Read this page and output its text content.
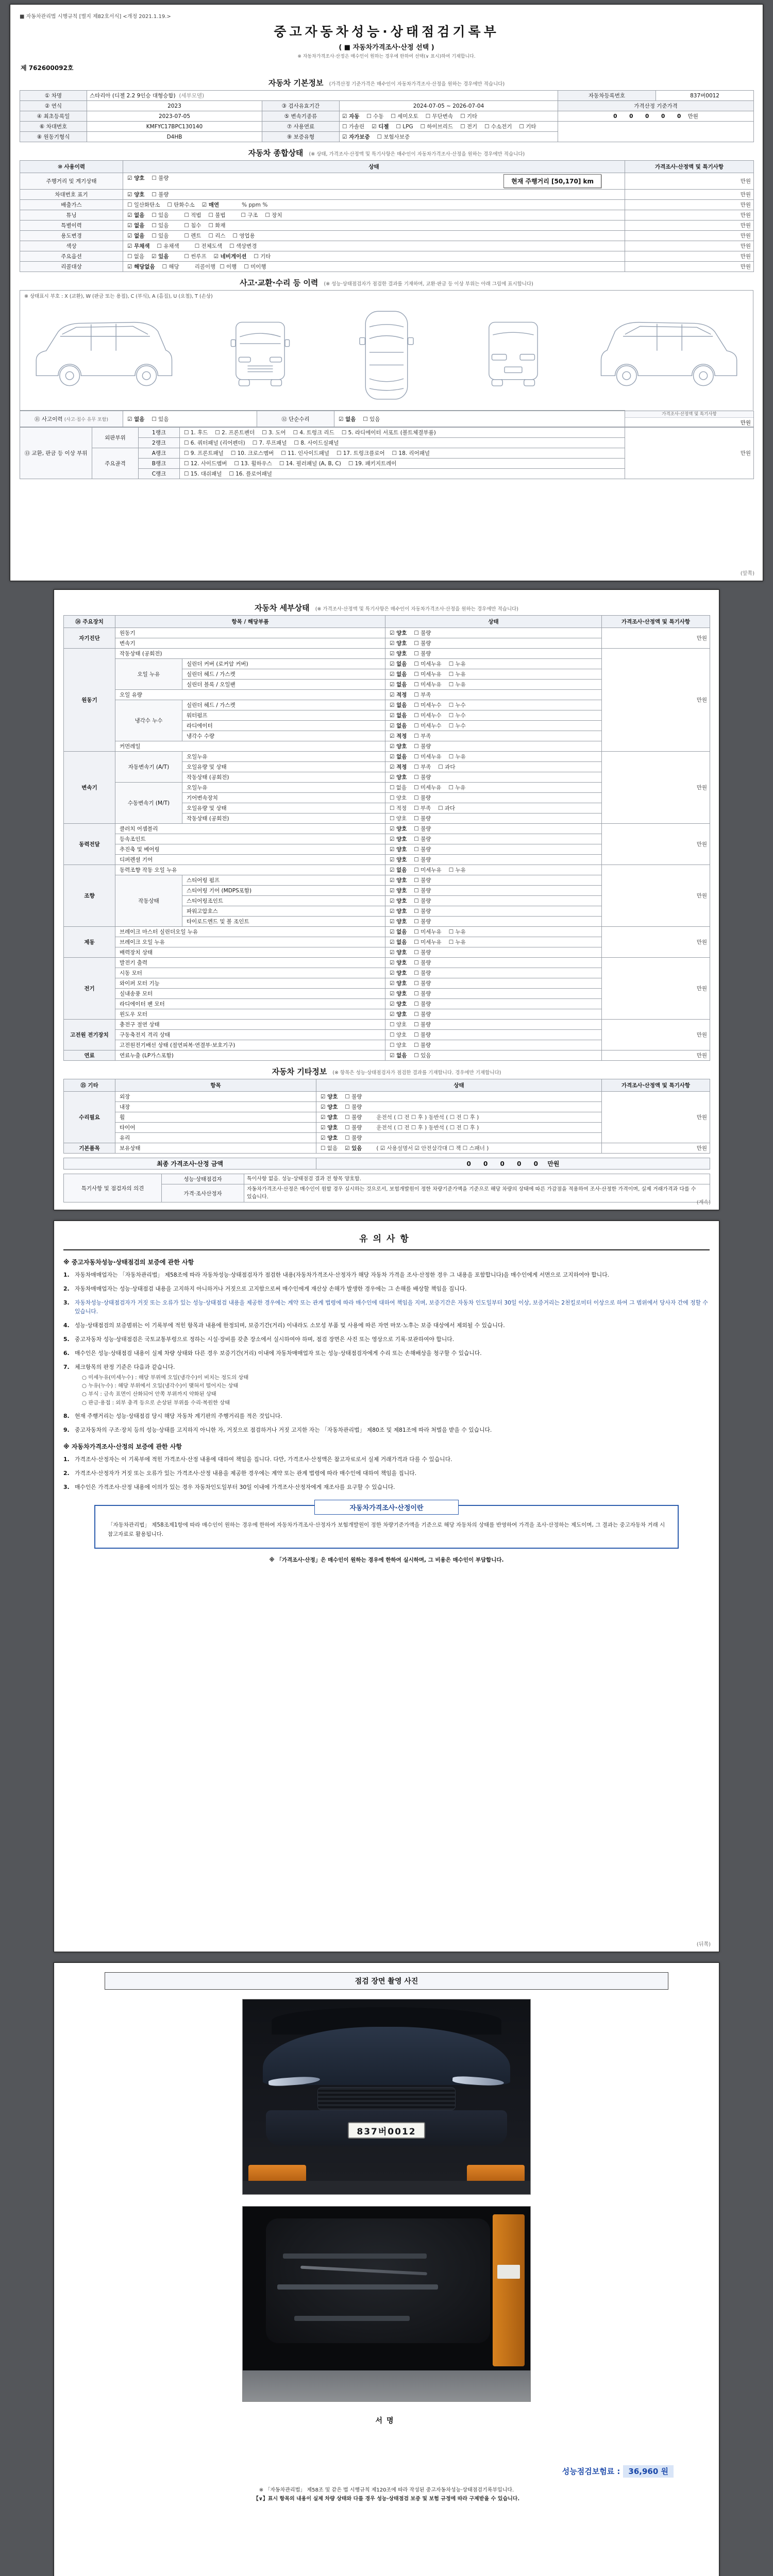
■ 자동차관리법 시행규칙 [별지 제82호서식] <개정 2021.1.19.>
중고자동차성능·상태점검기록부
( ■ 자동차가격조사·산정 선택 )
※ 자동차가격조사·산정은 매수인이 원하는 경우에 한하여 선택(∨ 표시)하여 기재합니다.
제 762600092호
자동차 기본정보 (가격산정 기준가격은 매수인이 자동차가격조사·산정을 원하는 경우에만 적습니다)
① 차명	스타리아 (디젤 2.2 9인승 대형승합) (세부모델)			자동차등록번호	837버0012
② 연식	2023	③ 검사유효기간	2024-07-05 ~ 2026-07-04	가격산정 기준가격	
④ 최초등록일	2023-07-05	⑤ 변속기종류	☑ 자동 ☐ 수동 ☐ 세미오토 ☐ 무단변속 ☐ 기타	0 0 0 0 0 만원	
⑥ 차대번호	KMFYC17BPC130140	⑦ 사용연료	☐ 가솔린 ☑ 디젤 ☐ LPG ☐ 하이브리드 ☐ 전기 ☐ 수소전기 ☐ 기타		
⑧ 원동기형식	D4HB	⑨ 보증유형	☑ 자가보증 ☐ 보험사보증		
자동차 종합상태 (※ 상태, 가격조사·산정액 및 특기사항은 매수인이 자동차가격조사·산정을 원하는 경우에만 적습니다)
⑩ 사용이력	상태	가격조사·산정액 및 특기사항
주행거리 및 계기상태	☑ 양호 ☐ 불량 현재 주행거리 [50,170] km	만원
차대번호 표기	☑ 양호 ☐ 불량	만원
배출가스	☐ 일산화탄소 ☐ 탄화수소 ☑ 매연 % ppm %	만원
튜닝	☑ 없음 ☐ 있음 ☐ 적법 ☐ 불법 ☐ 구조 ☐ 장치	만원
특별이력	☑ 없음 ☐ 있음 ☐ 침수 ☐ 화재	만원
용도변경	☑ 없음 ☐ 있음 ☐ 렌트 ☐ 리스 ☐ 영업용	만원
색상	☑ 무채색 ☐ 유채색 ☐ 전체도색 ☐ 색상변경	만원
주요옵션	☐ 없음 ☑ 있음 ☐ 썬루프 ☑ 네비게이션 ☐ 기타	만원
리콜대상	☑ 해당없음 ☐ 해당 리콜이행 ☐ 이행 ☐ 미이행	만원
사고·교환·수리 등 이력 (※ 성능·상태점검자가 점검한 결과를 기재하며, 교환·판금 등 이상 부위는 아래 그림에 표시합니다)
※ 상태표시 부호 : X (교환), W (판금 또는 용접), C (부식), A (흠집), U (요철), T (손상)
⑪ 사고이력 (사고·침수 유무 포함)	☑ 없음 ☐ 있음	⑫ 단순수리	☑ 없음 ☐ 있음	
가격조사·산정액 및 특기사항
만원
⑬ 교환, 판금 등 이상 부위	외판부위	1랭크	☐ 1. 후드 ☐ 2. 프론트펜더 ☐ 3. 도어 ☐ 4. 트렁크 리드 ☐ 5. 라디에이터 서포트 (볼트체결부품)	만원
		2랭크	☐ 6. 쿼터패널 (리어펜더) ☐ 7. 루프패널 ☐ 8. 사이드실패널	
	주요골격	A랭크	☐ 9. 프론트패널 ☐ 10. 크로스멤버 ☐ 11. 인사이드패널 ☐ 17. 트렁크플로어 ☐ 18. 리어패널	
		B랭크	☐ 12. 사이드멤버 ☐ 13. 휠하우스 ☐ 14. 필러패널 (A, B, C) ☐ 19. 패키지트레이	
		C랭크	☐ 15. 대쉬패널 ☐ 16. 플로어패널	
(앞쪽)
자동차 세부상태 (※ 가격조사·산정액 및 특기사항은 매수인이 자동차가격조사·산정을 원하는 경우에만 적습니다)
⑭ 주요장치	항목 / 해당부품		상태	가격조사·산정액 및 특기사항
자기진단	원동기		☑ 양호 ☐ 불량	만원
	변속기		☑ 양호 ☐ 불량	
원동기	작동상태 (공회전)		☑ 양호 ☐ 불량	만원
	오일 누유	실린더 커버 (로커암 커버)	☑ 없음 ☐ 미세누유 ☐ 누유	
		실린더 헤드 / 가스켓	☑ 없음 ☐ 미세누유 ☐ 누유	
		실린더 블록 / 오일팬	☑ 없음 ☐ 미세누유 ☐ 누유	
	오일 유량		☑ 적정 ☐ 부족	
	냉각수 누수	실린더 헤드 / 가스켓	☑ 없음 ☐ 미세누수 ☐ 누수	
		워터펌프	☑ 없음 ☐ 미세누수 ☐ 누수	
		라디에이터	☑ 없음 ☐ 미세누수 ☐ 누수	
		냉각수 수량	☑ 적정 ☐ 부족	
	커먼레일		☑ 양호 ☐ 불량	
변속기	자동변속기 (A/T)	오일누유	☑ 없음 ☐ 미세누유 ☐ 누유	만원
		오일유량 및 상태	☑ 적정 ☐ 부족 ☐ 과다	
		작동상태 (공회전)	☑ 양호 ☐ 불량	
	수동변속기 (M/T)	오일누유	☐ 없음 ☐ 미세누유 ☐ 누유	
		기어변속장치	☐ 양호 ☐ 불량	
		오일유량 및 상태	☐ 적정 ☐ 부족 ☐ 과다	
		작동상태 (공회전)	☐ 양호 ☐ 불량	
동력전달	클러치 어셈블리		☑ 양호 ☐ 불량	만원
	등속조인트		☑ 양호 ☐ 불량	
	추진축 및 베어링		☑ 양호 ☐ 불량	
	디퍼렌셜 기어		☑ 양호 ☐ 불량	
조향	동력조향 작동 오일 누유		☑ 없음 ☐ 미세누유 ☐ 누유	만원
	작동상태	스티어링 펌프	☑ 양호 ☐ 불량	
		스티어링 기어 (MDPS포함)	☑ 양호 ☐ 불량	
		스티어링조인트	☑ 양호 ☐ 불량	
		파워고압호스	☑ 양호 ☐ 불량	
		타이로드엔드 및 볼 조인트	☑ 양호 ☐ 불량	
제동	브레이크 마스터 실린더오일 누유		☑ 없음 ☐ 미세누유 ☐ 누유	만원
	브레이크 오일 누유		☑ 없음 ☐ 미세누유 ☐ 누유	
	배력장치 상태		☑ 양호 ☐ 불량	
전기	발전기 출력		☑ 양호 ☐ 불량	만원
	시동 모터		☑ 양호 ☐ 불량	
	와이퍼 모터 기능		☑ 양호 ☐ 불량	
	실내송풍 모터		☑ 양호 ☐ 불량	
	라디에이터 팬 모터		☑ 양호 ☐ 불량	
	윈도우 모터		☑ 양호 ☐ 불량	
고전원 전기장치	충전구 절연 상태		☐ 양호 ☐ 불량	만원
	구동축전지 격리 상태		☐ 양호 ☐ 불량	
	고전원전기배선 상태 (절연피복·연결부·보호기구)		☐ 양호 ☐ 불량	
연료	연료누출 (LP가스포함)		☑ 없음 ☐ 있음	만원
자동차 기타정보 (※ 항목은 성능·상태점검자가 점검한 결과를 기재합니다. 경우에만 기재합니다)
⑮ 기타	항목	상태	가격조사·산정액 및 특기사항
수리필요	외장	☑ 양호 ☐ 불량	만원
	내장	☑ 양호 ☐ 불량	
	휠	☑ 양호 ☐ 불량 운전석 ( ☐ 전 ☐ 후 ) 동반석 ( ☐ 전 ☐ 후 )	
	타이어	☑ 양호 ☐ 불량 운전석 ( ☐ 전 ☐ 후 ) 동반석 ( ☐ 전 ☐ 후 )	
	유리	☑ 양호 ☐ 불량	
기본품목	보유상태	☐ 없음 ☑ 있음 ( ☑ 사용설명서 ☑ 안전삼각대 ☐ 잭 ☐ 스패너 )	만원
최종 가격조사·산정 금액	0 0 0 0 0 만원
특기사항 및 점검자의 의견	성능·상태점검자	특이사항 없음. 성능·상태점검 결과 전 항목 양호함.
	가격·조사산정자	자동차가격조사·산정은 매수인이 원할 경우 실시하는 것으로서, 보험개발원이 정한 차량기준가액을 기준으로 해당 차량의 상태에 따른 가감점을 적용하여 조사·산정한 가격이며, 실제 거래가격과 다를 수 있습니다.
(계속)
유의사항
※ 중고자동차성능·상태점검의 보증에 관한 사항
1. 자동차매매업자는 「자동차관리법」 제58조에 따라 자동차성능·상태점검자가 점검한 내용(자동차가격조사·산정자가 해당 자동차 가격을 조사·산정한 경우 그 내용을 포함합니다)을 매수인에게 서면으로 고지하여야 합니다.
2. 자동차매매업자는 성능·상태점검 내용을 고지하지 아니하거나 거짓으로 고지함으로써 매수인에게 재산상 손해가 발생한 경우에는 그 손해를 배상할 책임을 집니다.
3. 자동차성능·상태점검자가 거짓 또는 오류가 있는 성능·상태점검 내용을 제공한 경우에는 계약 또는 관계 법령에 따라 매수인에 대하여 책임을 지며, 보증기간은 자동차 인도일부터 30일 이상, 보증거리는 2천킬로미터 이상으로 하여 그 범위에서 당사자 간에 정할 수 있습니다.
4. 성능·상태점검의 보증범위는 이 기록부에 적힌 항목과 내용에 한정되며, 보증기간(거리) 이내라도 소모성 부품 및 사용에 따른 자연 마모·노후는 보증 대상에서 제외될 수 있습니다.
5. 중고자동차 성능·상태점검은 국토교통부령으로 정하는 시설·장비를 갖춘 장소에서 실시하여야 하며, 점검 장면은 사진 또는 영상으로 기록·보관하여야 합니다.
6. 매수인은 성능·상태점검 내용이 실제 차량 상태와 다른 경우 보증기간(거리) 이내에 자동차매매업자 또는 성능·상태점검자에게 수리 또는 손해배상을 청구할 수 있습니다.
7. 체크항목의 판정 기준은 다음과 같습니다.
○ 미세누유(미세누수) : 해당 부위에 오일(냉각수)이 비치는 정도의 상태
○ 누유(누수) : 해당 부위에서 오일(냉각수)이 맺혀서 떨어지는 상태
○ 부식 : 금속 표면이 산화되어 안쪽 부위까지 약화된 상태
○ 판금·용접 : 외부 충격 등으로 손상된 부위를 수리·복원한 상태
8. 현재 주행거리는 성능·상태점검 당시 해당 자동차 계기판의 주행거리를 적은 것입니다.
9. 중고자동차의 구조·장치 등의 성능·상태를 고지하지 아니한 자, 거짓으로 점검하거나 거짓 고지한 자는 「자동차관리법」 제80조 및 제81조에 따라 처벌을 받을 수 있습니다.
※ 자동차가격조사·산정의 보증에 관한 사항
1. 가격조사·산정자는 이 기록부에 적힌 가격조사·산정 내용에 대하여 책임을 집니다. 다만, 가격조사·산정액은 참고자료로서 실제 거래가격과 다를 수 있습니다.
2. 가격조사·산정자가 거짓 또는 오류가 있는 가격조사·산정 내용을 제공한 경우에는 계약 또는 관계 법령에 따라 매수인에 대하여 책임을 집니다.
3. 매수인은 가격조사·산정 내용에 이의가 있는 경우 자동차인도일부터 30일 이내에 가격조사·산정자에게 재조사를 요구할 수 있습니다.
자동차가격조사·산정이란
「자동차관리법」 제58조제1항에 따라 매수인이 원하는 경우에 한하여 자동차가격조사·산정자가 보험개발원이 정한 차량기준가액을 기준으로 해당 자동차의 상태를 반영하여 가격을 조사·산정하는 제도이며, 그 결과는 중고자동차 거래 시 참고자료로 활용됩니다.
※ 「가격조사·산정」은 매수인이 원하는 경우에 한하여 실시하며, 그 비용은 매수인이 부담합니다.
(뒤쪽)
점검 장면 촬영 사진
837버0012
서명
성능점검보험료 : 36,960 원
※ 「자동차관리법」 제58조 및 같은 법 시행규칙 제120조에 따라 작성된 중고자동차성능·상태점검기록부입니다.
【∨】표시 항목의 내용이 실제 차량 상태와 다를 경우 성능·상태점검 보증 및 보험 규정에 따라 구제받을 수 있습니다.
